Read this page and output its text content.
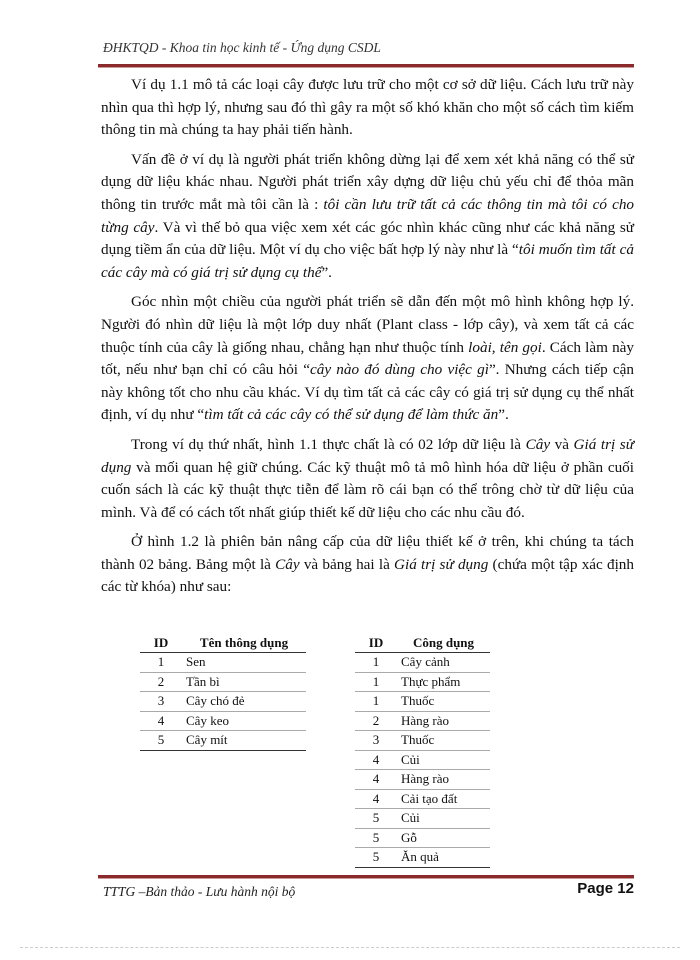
ĐHKTQD - Khoa tin học kinh tế - Ứng dụng CSDL

Ví dụ 1.1 mô tả các loại cây được lưu trữ cho một cơ sở dữ liệu. Cách lưu trữ này nhìn qua thì hợp lý, nhưng sau đó thì gây ra một số khó khăn cho một số cách tìm kiếm thông tin mà chúng ta hay phải tiến hành.

Vấn đề ở ví dụ là người phát triển không dừng lại để xem xét khả năng có thể sử dụng dữ liệu khác nhau. Người phát triển xây dựng dữ liệu chủ yếu chỉ để thỏa mãn thông tin trước mắt mà tôi cần là : tôi cần lưu trữ tất cả các thông tin mà tôi có cho từng cây. Và vì thế bỏ qua việc xem xét các góc nhìn khác cũng như các khả năng sử dụng tiềm ẩn của dữ liệu. Một ví dụ cho việc bất hợp lý này như là “tôi muốn tìm tất cả các cây mà có giá trị sử dụng cụ thể”.

Góc nhìn một chiều của người phát triển sẽ dẫn đến một mô hình không hợp lý. Người đó nhìn dữ liệu là một lớp duy nhất (Plant class - lớp cây), và xem tất cả các thuộc tính của cây là giống nhau, chẳng hạn như thuộc tính loài, tên gọi. Cách làm này tốt, nếu như bạn chỉ có câu hỏi “cây nào đó dùng cho việc gì”. Nhưng cách tiếp cận này không tốt cho nhu cầu khác. Ví dụ tìm tất cả các cây có giá trị sử dụng cụ thể nhất định, ví dụ như “tìm tất cả các cây có thể sử dụng để làm thức ăn”.

Trong ví dụ thứ nhất, hình 1.1 thực chất là có 02 lớp dữ liệu là Cây và Giá trị sử dụng và mối quan hệ giữ chúng. Các kỹ thuật mô tả mô hình hóa dữ liệu ở phần cuối cuốn sách là các kỹ thuật thực tiễn để làm rõ cái bạn có thể trông chờ từ dữ liệu của mình. Và để có cách tốt nhất giúp thiết kế dữ liệu cho các nhu cầu đó.

Ở hình 1.2 là phiên bản nâng cấp của dữ liệu thiết kế ở trên, khi chúng ta tách thành 02 bảng. Bảng một là Cây và bảng hai là Giá trị sử dụng (chứa một tập xác định các từ khóa) như sau:

ID	Tên thông dụng
1	Sen
2	Tần bì
3	Cây chó đẻ
4	Cây keo
5	Cây mít
ID	Công dụng
1	Cây cảnh
1	Thực phẩm
1	Thuốc
2	Hàng rào
3	Thuốc
4	Củi
4	Hàng rào
4	Cải tạo đất
5	Củi
5	Gỗ
5	Ăn quả
TTTG –Bản thảo - Lưu hành nội bộ	Page 12
